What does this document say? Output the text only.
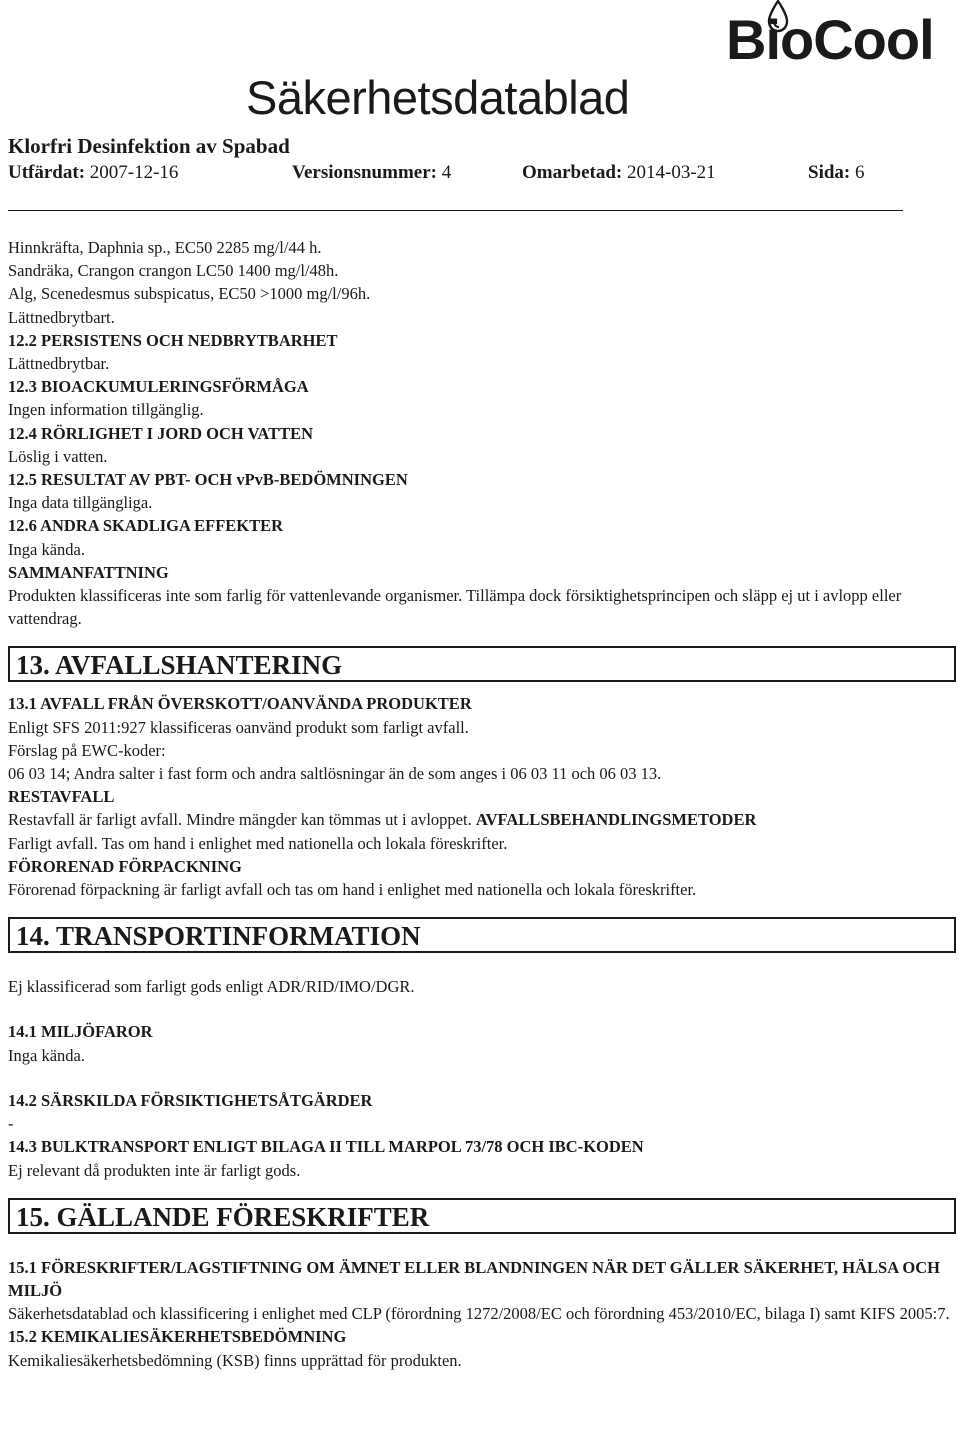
BioCool
Säkerhetsdatablad
Klorfri Desinfektion av Spabad
Utfärdat: 2007-12-16	Versionsnummer: 4	Omarbetad: 2014-03-21	Sida: 6

Hinnkräfta, Daphnia sp., EC50 2285 mg/l/44 h.

Sandräka, Crangon crangon LC50 1400 mg/l/48h.

Alg, Scenedesmus subspicatus, EC50 >1000 mg/l/96h.

Lättnedbrytbart.

12.2 PERSISTENS OCH NEDBRYTBARHET

Lättnedbrytbar.

12.3 BIOACKUMULERINGSFÖRMÅGA

Ingen information tillgänglig.

12.4 RÖRLIGHET I JORD OCH VATTEN

Löslig i vatten.

12.5 RESULTAT AV PBT- OCH vPvB-BEDÖMNINGEN

Inga data tillgängliga.

12.6 ANDRA SKADLIGA EFFEKTER

Inga kända.

SAMMANFATTNING

Produkten klassificeras inte som farlig för vattenlevande organismer. Tillämpa dock försiktighetsprincipen och släpp ej ut i avlopp eller vattendrag.

13. AVFALLSHANTERING

13.1 AVFALL FRÅN ÖVERSKOTT/OANVÄNDA PRODUKTER

Enligt SFS 2011:927 klassificeras oanvänd produkt som farligt avfall.

Förslag på EWC-koder:

06 03 14; Andra salter i fast form och andra saltlösningar än de som anges i 06 03 11 och 06 03 13.

RESTAVFALL

Restavfall är farligt avfall. Mindre mängder kan tömmas ut i avloppet. AVFALLSBEHANDLINGSMETODER

Farligt avfall. Tas om hand i enlighet med nationella och lokala föreskrifter.

FÖRORENAD FÖRPACKNING

Förorenad förpackning är farligt avfall och tas om hand i enlighet med nationella och lokala föreskrifter.

14. TRANSPORTINFORMATION

Ej klassificerad som farligt gods enligt ADR/RID/IMO/DGR.

14.1 MILJÖFAROR

Inga kända.

14.2 SÄRSKILDA FÖRSIKTIGHETSÅTGÄRDER

-

14.3 BULKTRANSPORT ENLIGT BILAGA II TILL MARPOL 73/78 OCH IBC-KODEN

Ej relevant då produkten inte är farligt gods.

15. GÄLLANDE FÖRESKRIFTER

15.1 FÖRESKRIFTER/LAGSTIFTNING OM ÄMNET ELLER BLANDNINGEN NÄR DET GÄLLER SÄKERHET, HÄLSA OCH MILJÖ

Säkerhetsdatablad och klassificering i enlighet med CLP (förordning 1272/2008/EC och förordning 453/2010/EC, bilaga I) samt KIFS 2005:7.

15.2 KEMIKALIESÄKERHETSBEDÖMNING

Kemikaliesäkerhetsbedömning (KSB) finns upprättad för produkten.
